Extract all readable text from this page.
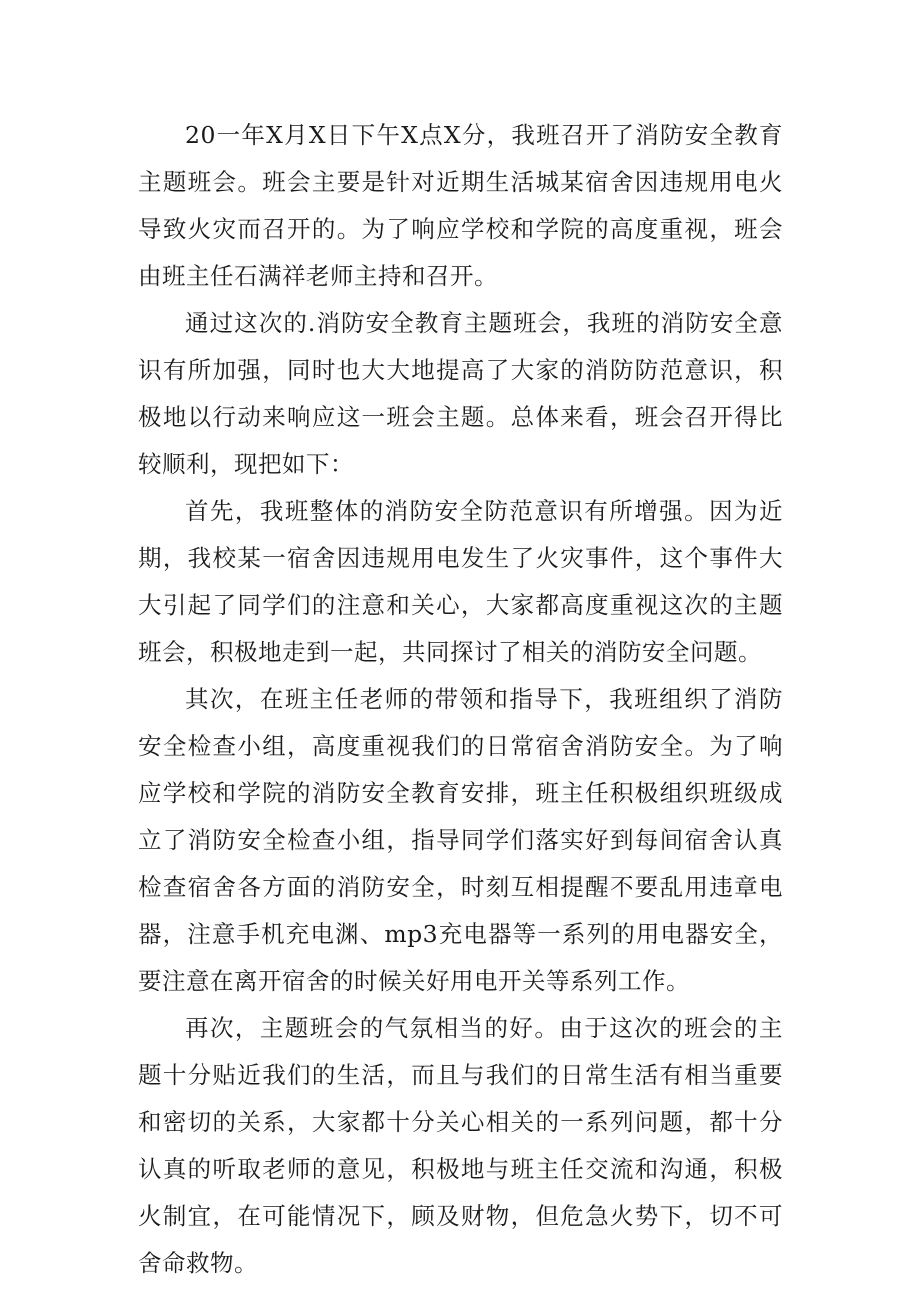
20一年X月X日下午X点X分，我班召开了消防安全教育主题班会。班会主要是针对近期生活城某宿舍因违规用电火导致火灾而召开的。为了响应学校和学院的高度重视，班会由班主任石满祥老师主持和召开。

通过这次的.消防安全教育主题班会，我班的消防安全意识有所加强，同时也大大地提高了大家的消防防范意识，积极地以行动来响应这一班会主题。总体来看，班会召开得比较顺利，现把如下：

首先，我班整体的消防安全防范意识有所增强。因为近期，我校某一宿舍因违规用电发生了火灾事件，这个事件大大引起了同学们的注意和关心，大家都高度重视这次的主题班会，积极地走到一起，共同探讨了相关的消防安全问题。

其次，在班主任老师的带领和指导下，我班组织了消防安全检查小组，高度重视我们的日常宿舍消防安全。为了响应学校和学院的消防安全教育安排，班主任积极组织班级成立了消防安全检查小组，指导同学们落实好到每间宿舍认真检查宿舍各方面的消防安全，时刻互相提醒不要乱用违章电器，注意手机充电渊、mp3充电器等一系列的用电器安全，要注意在离开宿舍的时候关好用电开关等系列工作。

再次，主题班会的气氛相当的好。由于这次的班会的主题十分贴近我们的生活，而且与我们的日常生活有相当重要和密切的关系，大家都十分关心相关的一系列问题，都十分认真的听取老师的意见，积极地与班主任交流和沟通，积极火制宜，在可能情况下，顾及财物，但危急火势下，切不可舍命救物。
